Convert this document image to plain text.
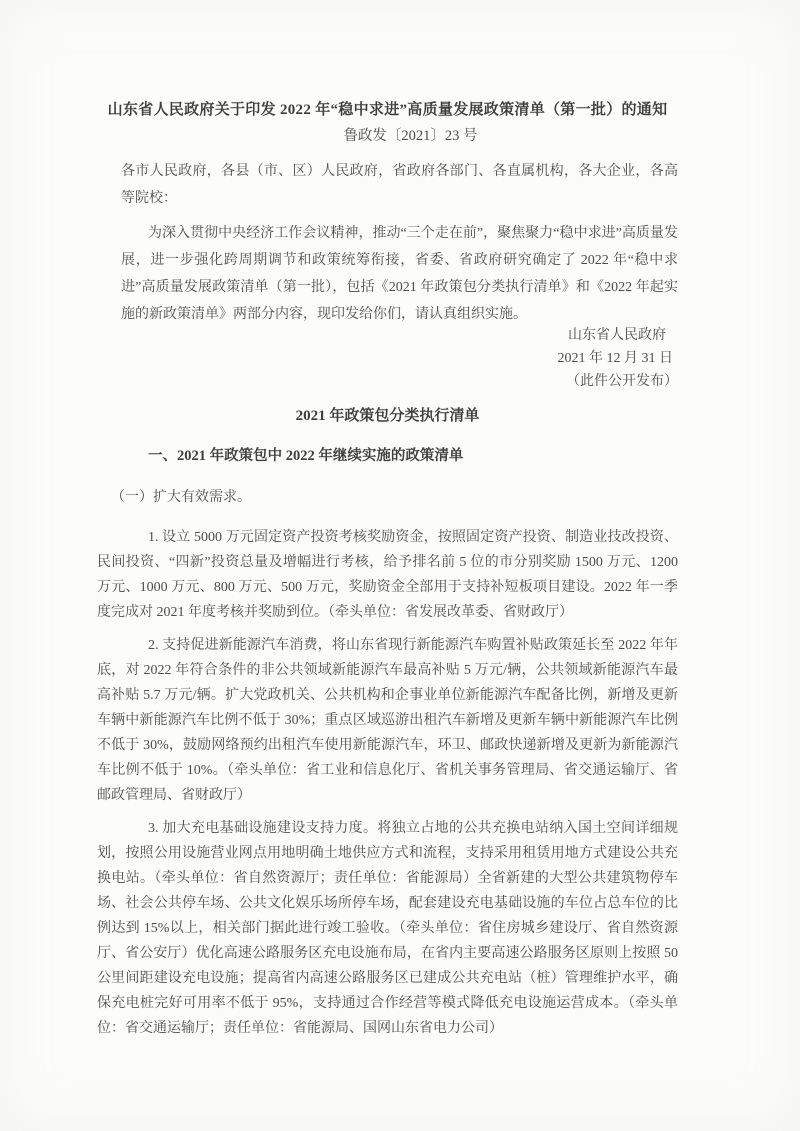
山东省人民政府关于印发 2022 年“稳中求进”高质量发展政策清单（第一批）的通知
鲁政发〔2021〕23 号

各市人民政府，各县（市、区）人民政府，省政府各部门、各直属机构，各大企业，各高等院校：

为深入贯彻中央经济工作会议精神，推动“三个走在前”，聚焦聚力“稳中求进”高质量发展，进一步强化跨周期调节和政策统筹衔接，省委、省政府研究确定了 2022 年“稳中求进”高质量发展政策清单（第一批），包括《2021 年政策包分类执行清单》和《2022 年起实施的新政策清单》两部分内容，现印发给你们，请认真组织实施。

山东省人民政府
2021 年 12 月 31 日
（此件公开发布）
2021 年政策包分类执行清单
一、2021 年政策包中 2022 年继续实施的政策清单

（一）扩大有效需求。

1. 设立 5000 万元固定资产投资考核奖励资金，按照固定资产投资、制造业技改投资、民间投资、“四新”投资总量及增幅进行考核，给予排名前 5 位的市分别奖励 1500 万元、1200 万元、1000 万元、800 万元、500 万元，奖励资金全部用于支持补短板项目建设。2022 年一季度完成对 2021 年度考核并奖励到位。（牵头单位：省发展改革委、省财政厅）

2. 支持促进新能源汽车消费，将山东省现行新能源汽车购置补贴政策延长至 2022 年年底，对 2022 年符合条件的非公共领域新能源汽车最高补贴 5 万元/辆，公共领域新能源汽车最高补贴 5.7 万元/辆。扩大党政机关、公共机构和企事业单位新能源汽车配备比例，新增及更新车辆中新能源汽车比例不低于 30%；重点区域巡游出租汽车新增及更新车辆中新能源汽车比例不低于 30%，鼓励网络预约出租汽车使用新能源汽车，环卫、邮政快递新增及更新为新能源汽车比例不低于 10%。（牵头单位：省工业和信息化厅、省机关事务管理局、省交通运输厅、省邮政管理局、省财政厅）

3. 加大充电基础设施建设支持力度。将独立占地的公共充换电站纳入国土空间详细规划，按照公用设施营业网点用地明确土地供应方式和流程，支持采用租赁用地方式建设公共充换电站。（牵头单位：省自然资源厅；责任单位：省能源局）全省新建的大型公共建筑物停车场、社会公共停车场、公共文化娱乐场所停车场，配套建设充电基础设施的车位占总车位的比例达到 15%以上，相关部门据此进行竣工验收。（牵头单位：省住房城乡建设厅、省自然资源厅、省公安厅）优化高速公路服务区充电设施布局，在省内主要高速公路服务区原则上按照 50 公里间距建设充电设施；提高省内高速公路服务区已建成公共充电站（桩）管理维护水平，确保充电桩完好可用率不低于 95%，支持通过合作经营等模式降低充电设施运营成本。（牵头单位：省交通运输厅；责任单位：省能源局、国网山东省电力公司）
